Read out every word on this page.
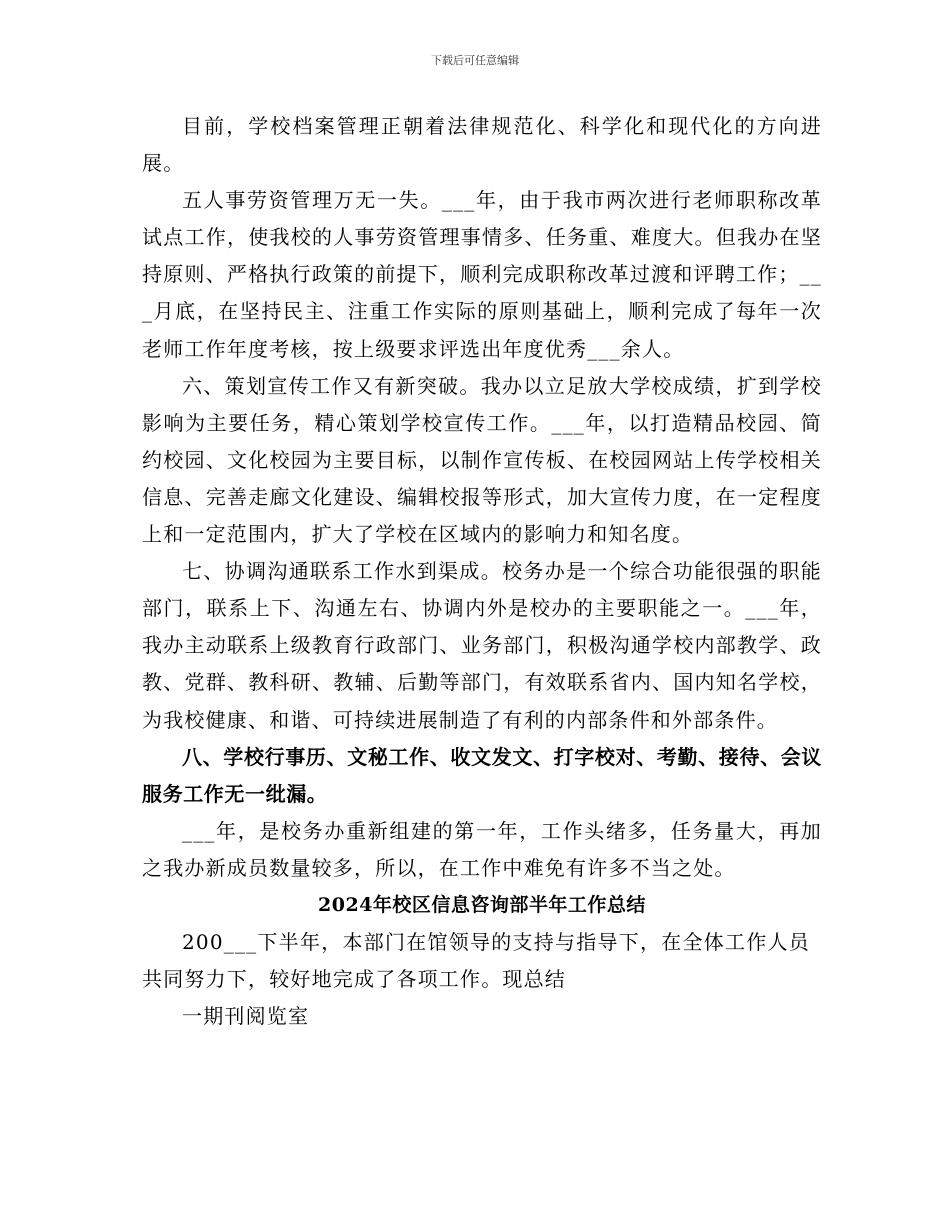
下载后可任意编辑

目前，学校档案管理正朝着法律规范化、科学化和现代化的方向进展。

五人事劳资管理万无一失。___年，由于我市两次进行老师职称改革试点工作，使我校的人事劳资管理事情多、任务重、难度大。但我办在坚持原则、严格执行政策的前提下，顺利完成职称改革过渡和评聘工作；___月底，在坚持民主、注重工作实际的原则基础上，顺利完成了每年一次老师工作年度考核，按上级要求评选出年度优秀___余人。

六、策划宣传工作又有新突破。我办以立足放大学校成绩，扩到学校影响为主要任务，精心策划学校宣传工作。___年，以打造精品校园、简约校园、文化校园为主要目标，以制作宣传板、在校园网站上传学校相关信息、完善走廊文化建设、编辑校报等形式，加大宣传力度，在一定程度上和一定范围内，扩大了学校在区域内的影响力和知名度。

七、协调沟通联系工作水到渠成。校务办是一个综合功能很强的职能部门，联系上下、沟通左右、协调内外是校办的主要职能之一。___年，我办主动联系上级教育行政部门、业务部门，积极沟通学校内部教学、政教、党群、教科研、教辅、后勤等部门，有效联系省内、国内知名学校，为我校健康、和谐、可持续进展制造了有利的内部条件和外部条件。

八、学校行事历、文秘工作、收文发文、打字校对、考勤、接待、会议服务工作无一纰漏。

___年，是校务办重新组建的第一年，工作头绪多，任务量大，再加之我办新成员数量较多，所以，在工作中难免有许多不当之处。

2024年校区信息咨询部半年工作总结

200___下半年，本部门在馆领导的支持与指导下，在全体工作人员共同努力下，较好地完成了各项工作。现总结

一期刊阅览室
